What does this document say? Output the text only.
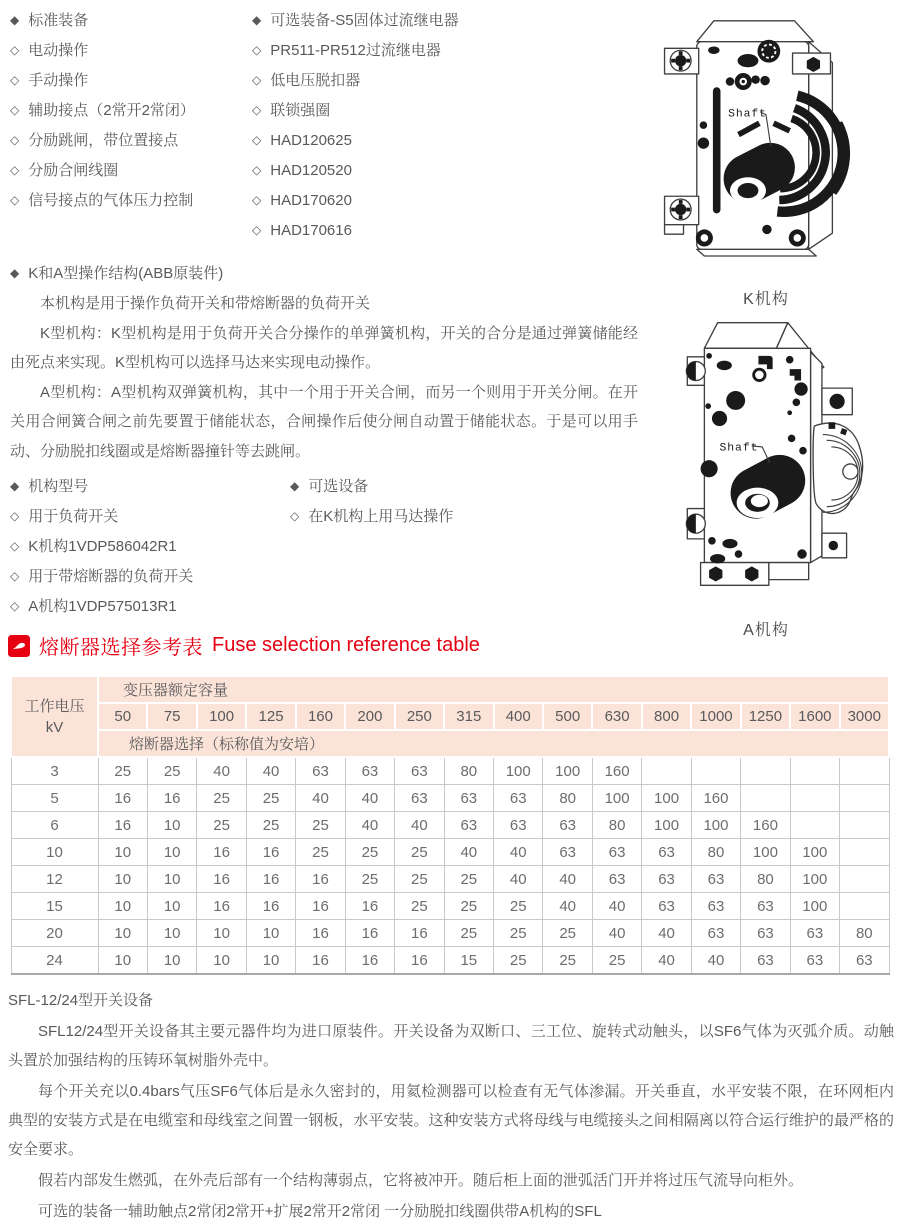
◆ 标准装备
◇ 电动操作
◇ 手动操作
◇ 辅助接点（2常开2常闭）
◇ 分励跳闸，带位置接点
◇ 分励合闸线圈
◇ 信号接点的气体压力控制
◆ 可选装备-S5固体过流继电器
◇ PR511-PR512过流继电器
◇ 低电压脱扣器
◇ 联锁强圈
◇ HAD120625
◇ HAD120520
◇ HAD170620
◇ HAD170616
◆ K和A型操作结构(ABB原装件)

本机构是用于操作负荷开关和带熔断器的负荷开关

K型机构：K型机构是用于负荷开关合分操作的单弹簧机构，开关的合分是通过弹簧储能经由死点来实现。K型机构可以选择马达来实现电动操作。

A型机构：A型机构双弹簧机构，其中一个用于开关合闸，而另一个则用于开关分闸。在开关用合闸簧合闸之前先要置于储能状态，合闸操作后使分闸自动置于储能状态。于是可以用手动、分励脱扣线圈或是熔断器撞针等去跳闸。

◆ 机构型号
◇ 用于负荷开关
◇ K机构1VDP586042R1
◇ 用于带熔断器的负荷开关
◇ A机构1VDP575013R1
◆ 可选设备
◇ 在K机构上用马达操作
Shaft
K机构
Shaft
A机构
熔断器选择参考表 Fuse selection reference table
工作电压
kV	变压器额定容量															
	50	75	100	125	160	200	250	315	400	500	630	800	1000	1250	1600	3000
	熔断器选择（标称值为安培）															
3	25	25	40	40	63	63	63	80	100	100	160					
5	16	16	25	25	40	40	63	63	63	80	100	100	160			
6	16	10	25	25	25	40	40	63	63	63	80	100	100	160		
10	10	10	16	16	25	25	25	40	40	63	63	63	80	100	100	
12	10	10	16	16	16	25	25	25	40	40	63	63	63	80	100	
15	10	10	16	16	16	16	25	25	25	40	40	63	63	63	100	
20	10	10	10	10	16	16	16	25	25	25	40	40	63	63	63	80
24	10	10	10	10	16	16	16	15	25	25	25	40	40	63	63	63

SFL-12/24型开关设备

SFL12/24型开关设备其主要元器件均为进口原装件。开关设备为双断口、三工位、旋转式动触头，以SF6气体为灭弧介质。动触头置於加强结构的压铸环氧树脂外壳中。

每个开关充以0.4bars气压SF6气体后是永久密封的，用氦检测器可以检查有无气体渗漏。开关垂直，水平安装不限，在环网柜内典型的安装方式是在电缆室和母线室之间置一钢板，水平安装。这种安装方式将母线与电缆接头之间相隔离以符合运行维护的最严格的安全要求。

假若内部发生燃弧，在外壳后部有一个结构薄弱点，它将被冲开。随后柜上面的泄弧活门开并将过压气流导向柜外。

可选的装备一辅助触点2常闭2常开+扩展2常开2常闭 一分励脱扣线圈供带A机构的SFL
